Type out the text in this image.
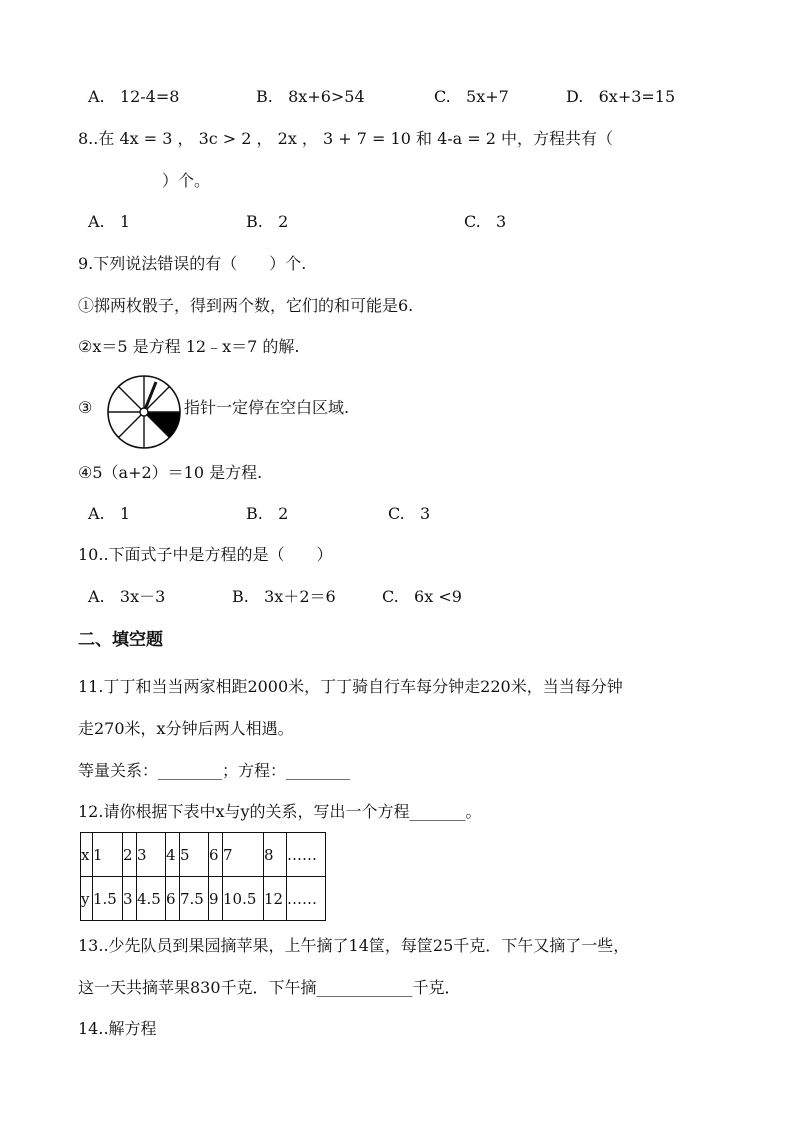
A. 12-4=8	B. 8x+6>54	C. 5x+7	D. 6x+3=15
8..在 4x = 3 ， 3c > 2 ， 2x ， 3 + 7 = 10 和 4-a = 2 中，方程共有（
）个。
A. 1	B. 2	C. 3
9.下列说法错误的有（　　）个.
①掷两枚骰子，得到两个数，它们的和可能是6.
②x＝5 是方程 12﹣x＝7 的解.
③	指针一定停在空白区域.
④5（a+2）＝10 是方程.
A. 1	B. 2	C. 3
10..下面式子中是方程的是（　　）
A. 3x－3	B. 3x＋2＝6	C. 6x <9
二、填空题
11.丁丁和当当两家相距2000米，丁丁骑自行车每分钟走220米，当当每分钟
走270米，x分钟后两人相遇。
等量关系：________；方程：________
12.请你根据下表中x与y的关系，写出一个方程_______。
x	1	2	3	4	5	6	7	8	……
y	1.5	3	4.5	6	7.5	9	10.5	12	……
13..少先队员到果园摘苹果，上午摘了14筐，每筐25千克．下午又摘了一些，
这一天共摘苹果830千克．下午摘____________千克．
14..解方程
